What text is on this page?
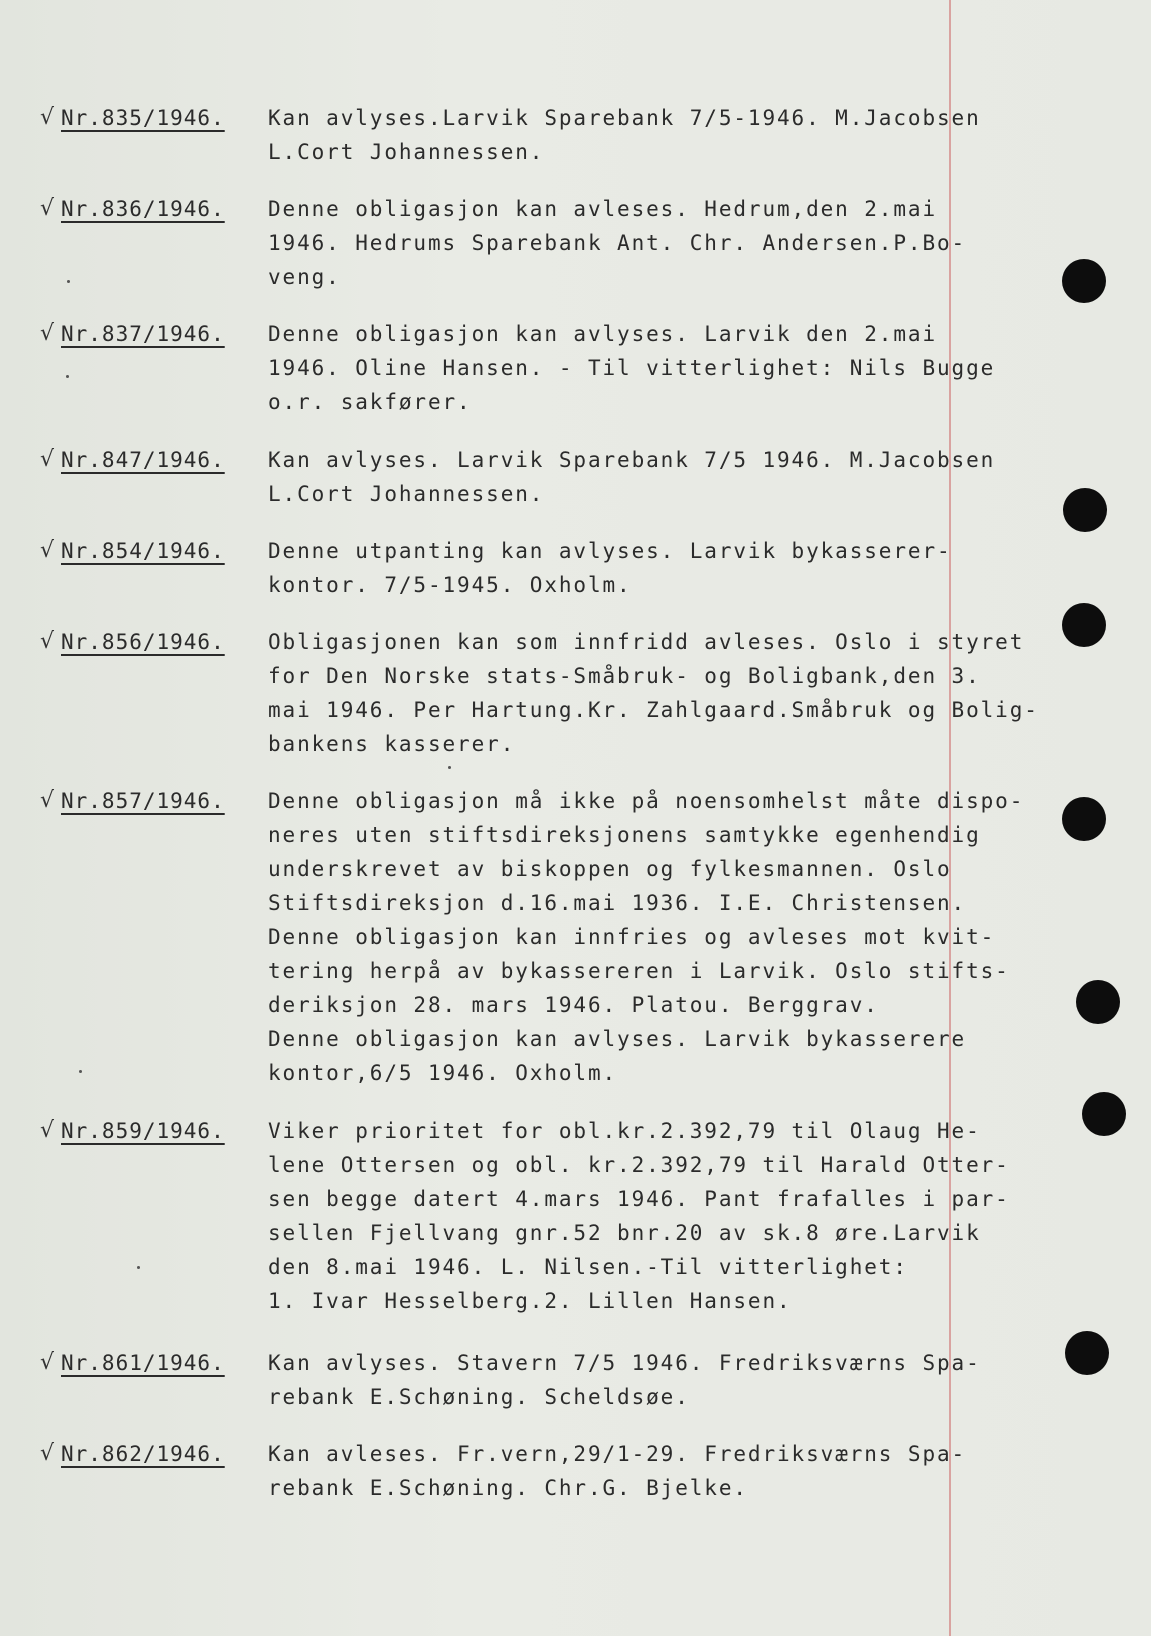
√ Nr.835/1946. Kan avlyses.Larvik Sparebank 7/5-1946. M.Jacobsen
L.Cort Johannessen.
√ Nr.836/1946. Denne obligasjon kan avleses. Hedrum,den 2.mai
1946. Hedrums Sparebank Ant. Chr. Andersen.P.Bo-
veng.
√ Nr.837/1946. Denne obligasjon kan avlyses. Larvik den 2.mai
1946. Oline Hansen. - Til vitterlighet: Nils Bugge
o.r. sakfører.
√ Nr.847/1946. Kan avlyses. Larvik Sparebank 7/5 1946. M.Jacobsen
L.Cort Johannessen.
√ Nr.854/1946. Denne utpanting kan avlyses. Larvik bykasserer-
kontor. 7/5-1945. Oxholm.
√ Nr.856/1946. Obligasjonen kan som innfridd avleses. Oslo i styret
for Den Norske stats-Småbruk- og Boligbank,den 3.
mai 1946. Per Hartung.Kr. Zahlgaard.Småbruk og Bolig-
bankens kasserer.
√ Nr.857/1946. Denne obligasjon må ikke på noensomhelst måte dispo-
neres uten stiftsdireksjonens samtykke egenhendig
underskrevet av biskoppen og fylkesmannen. Oslo
Stiftsdireksjon d.16.mai 1936. I.E. Christensen.
Denne obligasjon kan innfries og avleses mot kvit-
tering herpå av bykassereren i Larvik. Oslo stifts-
deriksjon 28. mars 1946. Platou. Berggrav.
Denne obligasjon kan avlyses. Larvik bykasserere
kontor,6/5 1946. Oxholm.
√ Nr.859/1946. Viker prioritet for obl.kr.2.392,79 til Olaug He-
lene Ottersen og obl. kr.2.392,79 til Harald Otter-
sen begge datert 4.mars 1946. Pant frafalles i par-
sellen Fjellvang gnr.52 bnr.20 av sk.8 øre.Larvik
den 8.mai 1946. L. Nilsen.-Til vitterlighet:
1. Ivar Hesselberg.2. Lillen Hansen.
√ Nr.861/1946. Kan avlyses. Stavern 7/5 1946. Fredriksværns Spa-
rebank E.Schøning. Scheldsøe.
√ Nr.862/1946. Kan avleses. Fr.vern,29/1-29. Fredriksværns Spa-
rebank E.Schøning. Chr.G. Bjelke.
